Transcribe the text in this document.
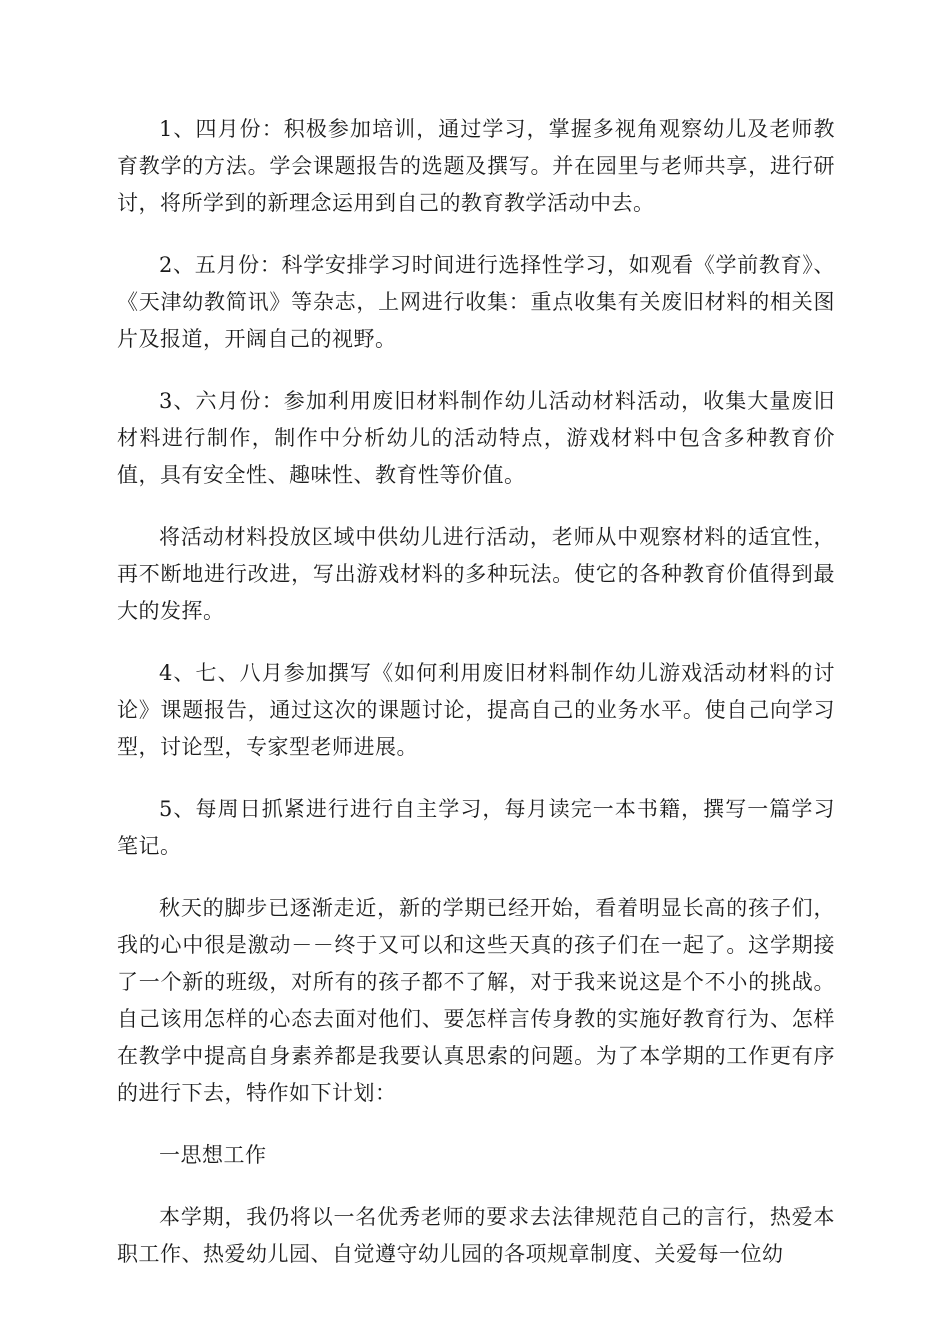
1、四月份：积极参加培训，通过学习，掌握多视角观察幼儿及老师教育教学的方法。学会课题报告的选题及撰写。并在园里与老师共享，进行研讨，将所学到的新理念运用到自己的教育教学活动中去。

2、五月份：科学安排学习时间进行选择性学习，如观看《学前教育》、《天津幼教简讯》等杂志，上网进行收集：重点收集有关废旧材料的相关图片及报道，开阔自己的视野。

3、六月份：参加利用废旧材料制作幼儿活动材料活动，收集大量废旧材料进行制作，制作中分析幼儿的活动特点，游戏材料中包含多种教育价值，具有安全性、趣味性、教育性等价值。

将活动材料投放区域中供幼儿进行活动，老师从中观察材料的适宜性，再不断地进行改进，写出游戏材料的多种玩法。使它的各种教育价值得到最大的发挥。

4、七、八月参加撰写《如何利用废旧材料制作幼儿游戏活动材料的讨论》课题报告，通过这次的课题讨论，提高自己的业务水平。使自己向学习型，讨论型，专家型老师进展。

5、每周日抓紧进行进行自主学习，每月读完一本书籍，撰写一篇学习笔记。

秋天的脚步已逐渐走近，新的学期已经开始，看着明显长高的孩子们，我的心中很是激动－－终于又可以和这些天真的孩子们在一起了。这学期接了一个新的班级，对所有的孩子都不了解，对于我来说这是个不小的挑战。自己该用怎样的心态去面对他们、要怎样言传身教的实施好教育行为、怎样在教学中提高自身素养都是我要认真思索的问题。为了本学期的工作更有序的进行下去，特作如下计划：

一思想工作

本学期，我仍将以一名优秀老师的要求去法律规范自己的言行，热爱本职工作、热爱幼儿园、自觉遵守幼儿园的各项规章制度、关爱每一位幼
